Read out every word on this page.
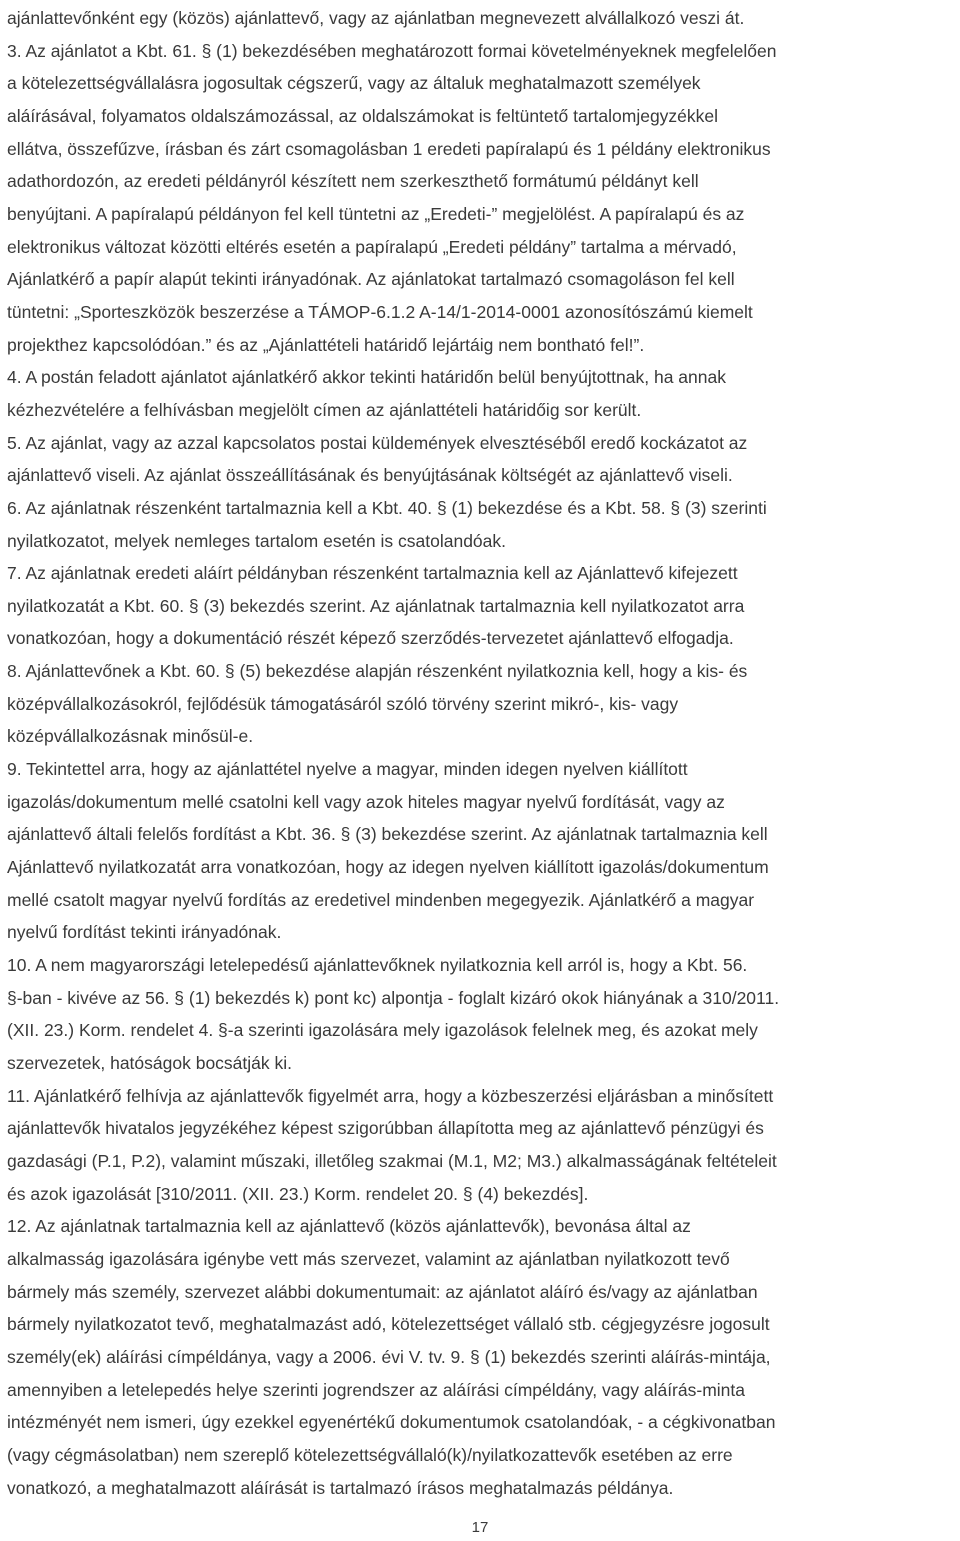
ajánlattevőnként egy (közös) ajánlattevő, vagy az ajánlatban megnevezett alvállalkozó veszi át.
3. Az ajánlatot a Kbt. 61. § (1) bekezdésében meghatározott formai követelményeknek megfelelően
a kötelezettségvállalásra jogosultak cégszerű, vagy az általuk meghatalmazott személyek
aláírásával, folyamatos oldalszámozással, az oldalszámokat is feltüntető tartalomjegyzékkel
ellátva, összefűzve, írásban és zárt csomagolásban 1 eredeti papíralapú és 1 példány elektronikus
adathordozón, az eredeti példányról készített nem szerkeszthető formátumú példányt kell
benyújtani. A papíralapú példányon fel kell tüntetni az „Eredeti-” megjelölést. A papíralapú és az
elektronikus változat közötti eltérés esetén a papíralapú „Eredeti példány” tartalma a mérvadó,
Ajánlatkérő a papír alapút tekinti irányadónak. Az ajánlatokat tartalmazó csomagoláson fel kell
tüntetni: „Sporteszközök beszerzése a TÁMOP-6.1.2 A-14/1-2014-0001 azonosítószámú kiemelt
projekthez kapcsolódóan.” és az „Ajánlattételi határidő lejártáig nem bontható fel!”.
4. A postán feladott ajánlatot ajánlatkérő akkor tekinti határidőn belül benyújtottnak, ha annak
kézhezvételére a felhívásban megjelölt címen az ajánlattételi határidőig sor került.
5. Az ajánlat, vagy az azzal kapcsolatos postai küldemények elvesztéséből eredő kockázatot az
ajánlattevő viseli. Az ajánlat összeállításának és benyújtásának költségét az ajánlattevő viseli.
6. Az ajánlatnak részenként tartalmaznia kell a Kbt. 40. § (1) bekezdése és a Kbt. 58. § (3) szerinti
nyilatkozatot, melyek nemleges tartalom esetén is csatolandóak.
7. Az ajánlatnak eredeti aláírt példányban részenként tartalmaznia kell az Ajánlattevő kifejezett
nyilatkozatát a Kbt. 60. § (3) bekezdés szerint. Az ajánlatnak tartalmaznia kell nyilatkozatot arra
vonatkozóan, hogy a dokumentáció részét képező szerződés-tervezetet ajánlattevő elfogadja.
8. Ajánlattevőnek a Kbt. 60. § (5) bekezdése alapján részenként nyilatkoznia kell, hogy a kis- és
középvállalkozásokról, fejlődésük támogatásáról szóló törvény szerint mikró-, kis- vagy
középvállalkozásnak minősül-e.
9. Tekintettel arra, hogy az ajánlattétel nyelve a magyar, minden idegen nyelven kiállított
igazolás/dokumentum mellé csatolni kell vagy azok hiteles magyar nyelvű fordítását, vagy az
ajánlattevő általi felelős fordítást a Kbt. 36. § (3) bekezdése szerint. Az ajánlatnak tartalmaznia kell
Ajánlattevő nyilatkozatát arra vonatkozóan, hogy az idegen nyelven kiállított igazolás/dokumentum
mellé csatolt magyar nyelvű fordítás az eredetivel mindenben megegyezik. Ajánlatkérő a magyar
nyelvű fordítást tekinti irányadónak.
10. A nem magyarországi letelepedésű ajánlattevőknek nyilatkoznia kell arról is, hogy a Kbt. 56.
§-ban - kivéve az 56. § (1) bekezdés k) pont kc) alpontja - foglalt kizáró okok hiányának a 310/2011.
(XII. 23.) Korm. rendelet 4. §-a szerinti igazolására mely igazolások felelnek meg, és azokat mely
szervezetek, hatóságok bocsátják ki.
11. Ajánlatkérő felhívja az ajánlattevők figyelmét arra, hogy a közbeszerzési eljárásban a minősített
ajánlattevők hivatalos jegyzékéhez képest szigorúbban állapította meg az ajánlattevő pénzügyi és
gazdasági (P.1, P.2), valamint műszaki, illetőleg szakmai (M.1, M2; M3.) alkalmasságának feltételeit
és azok igazolását [310/2011. (XII. 23.) Korm. rendelet 20. § (4) bekezdés].
12. Az ajánlatnak tartalmaznia kell az ajánlattevő (közös ajánlattevők), bevonása által az
alkalmasság igazolására igénybe vett más szervezet, valamint az ajánlatban nyilatkozott tevő
bármely más személy, szervezet alábbi dokumentumait: az ajánlatot aláíró és/vagy az ajánlatban
bármely nyilatkozatot tevő, meghatalmazást adó, kötelezettséget vállaló stb. cégjegyzésre jogosult
személy(ek) aláírási címpéldánya, vagy a 2006. évi V. tv. 9. § (1) bekezdés szerinti aláírás-mintája,
amennyiben a letelepedés helye szerinti jogrendszer az aláírási címpéldány, vagy aláírás-minta
intézményét nem ismeri, úgy ezekkel egyenértékű dokumentumok csatolandóak, - a cégkivonatban
(vagy cégmásolatban) nem szereplő kötelezettségvállaló(k)/nyilatkozattevők esetében az erre
vonatkozó, a meghatalmazott aláírását is tartalmazó írásos meghatalmazás példánya.
17
